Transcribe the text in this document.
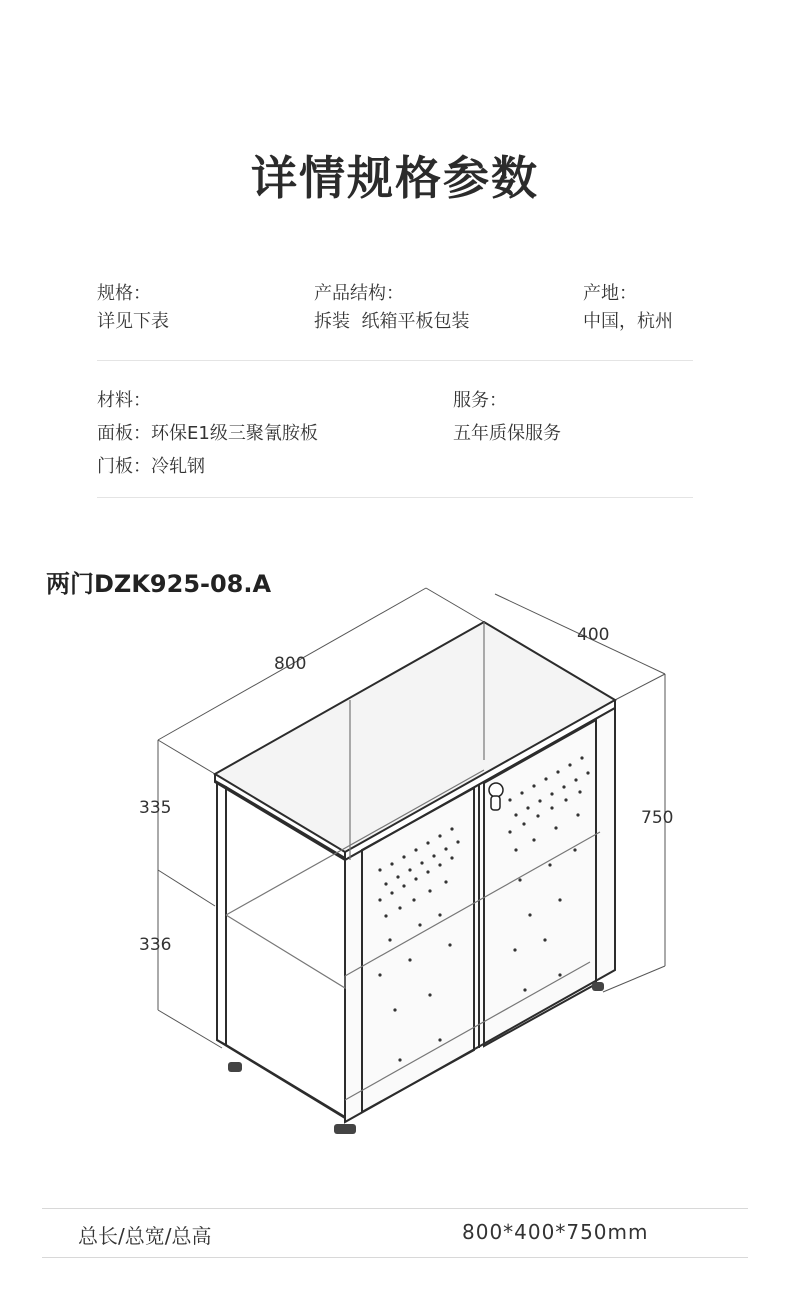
详情规格参数
规格：
详见下表
产品结构：
拆装  纸箱平板包装
产地：
中国，杭州
材料：
面板：环保E1级三聚氰胺板
门板：冷轧钢
服务：
五年质保服务
两门DZK925-08.A
800
400
750
335
336
总长/总宽/总高	800*400*750mm
